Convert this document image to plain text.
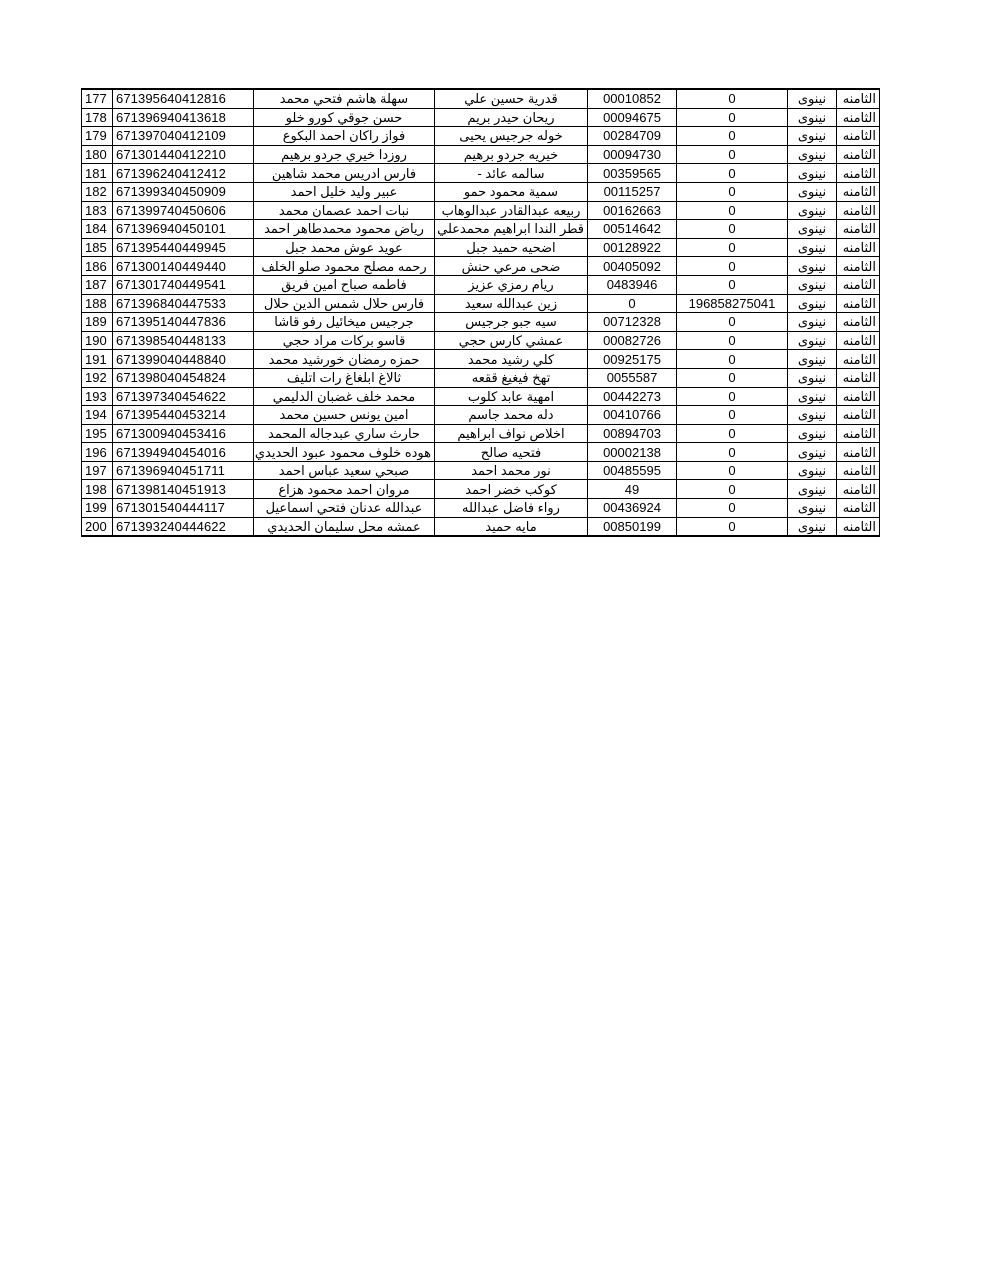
177	671395640412816	سهلة هاشم فتحي محمد	قدرية حسين علي	00010852	0	نينوى	الثامنه
178	671396940413618	حسن جوقي كورو خلو	ريحان حيدر بريم	00094675	0	نينوى	الثامنه
179	671397040412109	فواز راكان احمد البكوع	خوله جرجيس يحيى	00284709	0	نينوى	الثامنه
180	671301440412210	روزدا خيري جردو برهيم	خيريه جردو برهيم	00094730	0	نينوى	الثامنه
181	671396240412412	فارس ادريس محمد شاهين	سالمه عائد -	00359565	0	نينوى	الثامنه
182	671399340450909	عبير وليد خليل احمد	سمية محمود حمو	00115257	0	نينوى	الثامنه
183	671399740450606	نبات احمد عصمان محمد	ربيعه عبدالقادر عبدالوهاب	00162663	0	نينوى	الثامنه
184	671396940450101	رياض محمود محمدطاهر احمد	قطر الندا ابراهيم محمدعلي	00514642	0	نينوى	الثامنه
185	671395440449945	عويد عوش محمد جبل	اضحيه حميد جبل	00128922	0	نينوى	الثامنه
186	671300140449440	رحمه مصلح محمود صلو الخلف	ضحى مرعي حنش	00405092	0	نينوى	الثامنه
187	671301740449541	فاطمه صباح امين فريق	ريام رمزي عزيز	0483946	0	نينوى	الثامنه
188	671396840447533	فارس حلال شمس الدين حلال	زين عبدالله سعيد	0	196858275041	نينوى	الثامنه
189	671395140447836	جرجيس ميخائيل رفو قاشا	سيه جبو جرجيس	00712328	0	نينوى	الثامنه
190	671398540448133	قاسو بركات مراد حجي	عمشي كارس حجي	00082726	0	نينوى	الثامنه
191	671399040448840	حمزه رمضان خورشيد محمد	كلي رشيد محمد	00925175	0	نينوى	الثامنه
192	671398040454824	ثالاغ ابلغاغ رات اتليف	تهخ فيغيغ ققعه	0055587	0	نينوى	الثامنه
193	671397340454622	محمد خلف غضبان الدليمي	امهية عابد كلوب	00442273	0	نينوى	الثامنه
194	671395440453214	امين يونس حسين محمد	دله محمد جاسم	00410766	0	نينوى	الثامنه
195	671300940453416	حارث ساري عبدجاله المحمد	اخلاص نواف ابراهيم	00894703	0	نينوى	الثامنه
196	671394940454016	هوده خلوف محمود عبود الحديدي	فتحيه صالح	00002138	0	نينوى	الثامنه
197	671396940451711	صبحي سعيد عباس احمد	نور محمد احمد	00485595	0	نينوى	الثامنه
198	671398140451913	مروان احمد محمود هزاع	كوكب خضر احمد	49	0	نينوى	الثامنه
199	671301540444117	عبدالله عدنان فتحي اسماعيل	رواء فاضل عبدالله	00436924	0	نينوى	الثامنه
200	671393240444622	عمشه محل سليمان الحديدي	مايه حميد	00850199	0	نينوى	الثامنه
